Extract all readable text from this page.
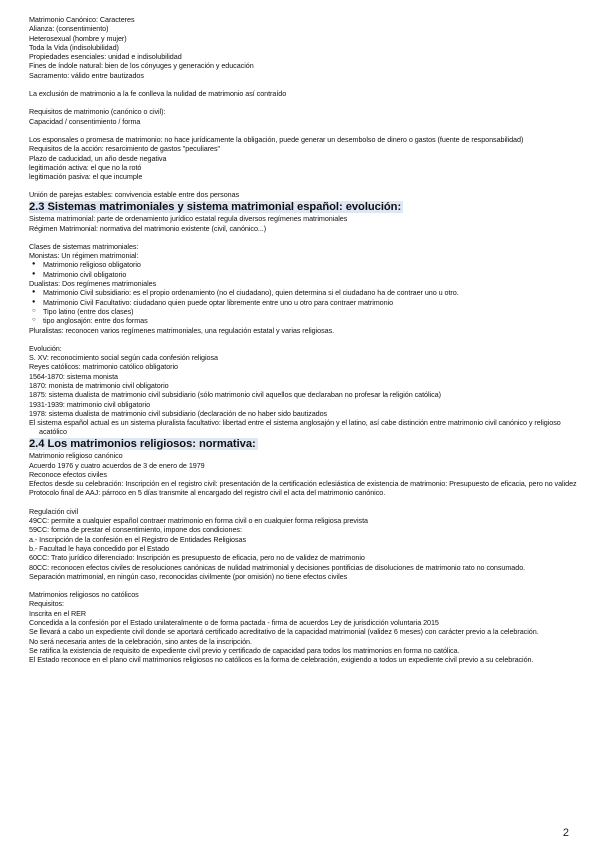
Matrimonio Canónico: Caracteres
Alianza: (consentimiento)
Heterosexual (hombre y mujer)
Toda la Vida (indisolubilidad)
Propiedades esenciales: unidad e indisolubilidad
Fines de índole natural: bien de los cónyuges y generación y educación
Sacramento: válido entre bautizados
La exclusión de matrimonio a la fe conlleva la nulidad de matrimonio así contraído
Requisitos de matrimonio (canónico o civil):
Capacidad / consentimiento / forma
Los esponsales o promesa de matrimonio: no hace jurídicamente la obligación, puede generar un desembolso de dinero o gastos (fuente de responsabilidad)
Requisitos de la acción: resarcimiento de gastos "peculiares"
Plazo de caducidad, un año desde negativa
legitimación activa: el que no la rotó
legitimación pasiva: el que incumple
Unión de parejas estables: convivencia estable entre dos personas
2.3 Sistemas matrimoniales y sistema matrimonial español: evolución:
Sistema matrimonial: parte de ordenamiento jurídico estatal regula diversos regímenes matrimoniales
Régimen Matrimonial: normativa del matrimonio existente (civil, canónico...)
Clases de sistemas matrimoniales:
Monistas: Un régimen matrimonial:
● Matrimonio religioso obligatorio
● Matrimonio civil obligatorio
Dualistas: Dos regímenes matrimoniales
● Matrimonio Civil subsidiario: es el propio ordenamiento (no el ciudadano), quien determina si el ciudadano ha de contraer uno u otro.
● Matrimonio Civil Facultativo: ciudadano quien puede optar libremente entre uno u otro para contraer matrimonio
○ Tipo latino (entre dos clases)
○ tipo anglosajón: entre dos formas
Pluralistas: reconocen varios regímenes matrimoniales, una regulación estatal y varias religiosas.
Evolución:
S. XV: reconocimiento social según cada confesión religiosa
Reyes católicos: matrimonio católico obligatorio
1564-1870: sistema monista
1870: monista de matrimonio civil obligatorio
1875: sistema dualista de matrimonio civil subsidiario (sólo matrimonio civil aquellos que declaraban no profesar la religión católica)
1931-1939: matrimonio civil obligatorio
1978: sistema dualista de matrimonio civil subsidiario (declaración de no haber sido bautizados
El sistema español actual es un sistema pluralista facultativo: libertad entre el sistema anglosajón y el latino, así cabe distinción entre matrimonio civil canónico y religioso acatólico
2.4 Los matrimonios religiosos: normativa:
Matrimonio religioso canónico
Acuerdo 1976 y cuatro acuerdos de 3 de enero de 1979
Reconoce efectos civiles
Efectos desde su celebración: Inscripción en el registro civil: presentación de la certificación eclesiástica de existencia de matrimonio: Presupuesto de eficacia, pero no validez
Protocolo final de AAJ: párroco en 5 días transmite al encargado del registro civil el acta del matrimonio canónico.
Regulación civil
49CC: permite a cualquier español contraer matrimonio en forma civil o en cualquier forma religiosa prevista
59CC: forma de prestar el consentimiento, impone dos condiciones:
a.- Inscripción de la confesión en el Registro de Entidades Religiosas
b.- Facultad le haya concedido por el Estado
60CC: Trato jurídico diferenciado: Inscripción es presupuesto de eficacia, pero no de validez de matrimonio
80CC: reconocen efectos civiles de resoluciones canónicas de nulidad matrimonial y decisiones pontificias de disoluciones de matrimonio rato no consumado.
Separación matrimonial, en ningún caso, reconocidas civilmente (por omisión) no tiene efectos civiles
Matrimonios religiosos no católicos
Requisitos:
Inscrita en el RER
Concedida a la confesión por el Estado unilateralmente o de forma pactada - firma de acuerdos Ley de jurisdicción voluntaria 2015
Se llevará a cabo un expediente civil donde se aportará certificado acreditativo de la capacidad matrimonial (validez 6 meses) con carácter previo a la celebración.
No será necesaria antes de la celebración, sino antes de la inscripción.
Se ratifica la existencia de requisito de expediente civil previo y certificado de capacidad para todos los matrimonios en forma no católica.
El Estado reconoce en el plano civil matrimonios religiosos no católicos es la forma de celebración, exigiendo a todos un expediente civil previo a su celebración.
2
